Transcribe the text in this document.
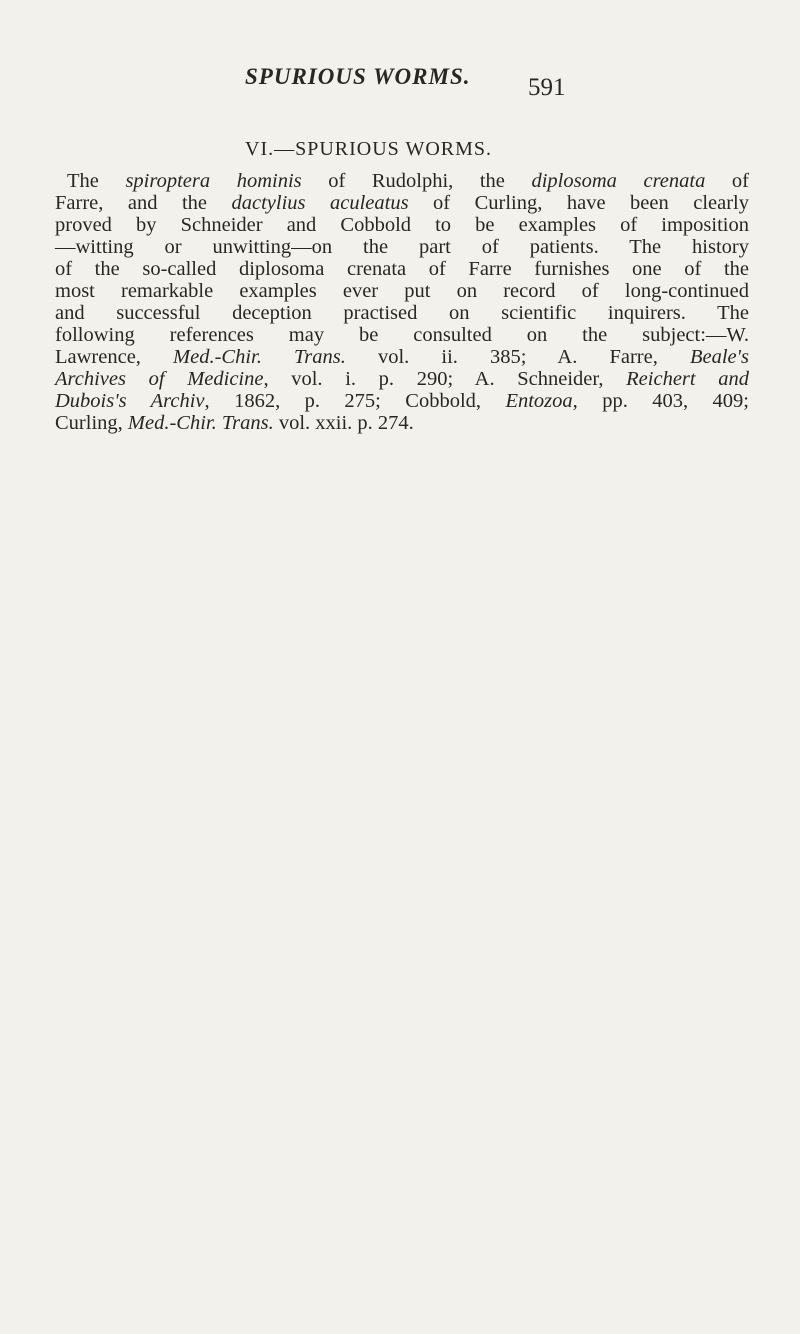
SPURIOUS WORMS. 591
VI.—SPURIOUS WORMS.
The spiroptera hominis of Rudolphi, the diplosoma crenata of
Farre, and the dactylius aculeatus of Curling, have been clearly
proved by Schneider and Cobbold to be examples of imposition
—witting or unwitting—on the part of patients. The history
of the so-called diplosoma crenata of Farre furnishes one of the
most remarkable examples ever put on record of long-continued
and successful deception practised on scientific inquirers. The
following references may be consulted on the subject:—W.
Lawrence, Med.-Chir. Trans. vol. ii. 385; A. Farre, Beale's
Archives of Medicine, vol. i. p. 290; A. Schneider, Reichert and
Dubois's Archiv, 1862, p. 275; Cobbold, Entozoa, pp. 403, 409;
Curling, Med.-Chir. Trans. vol. xxii. p. 274.
